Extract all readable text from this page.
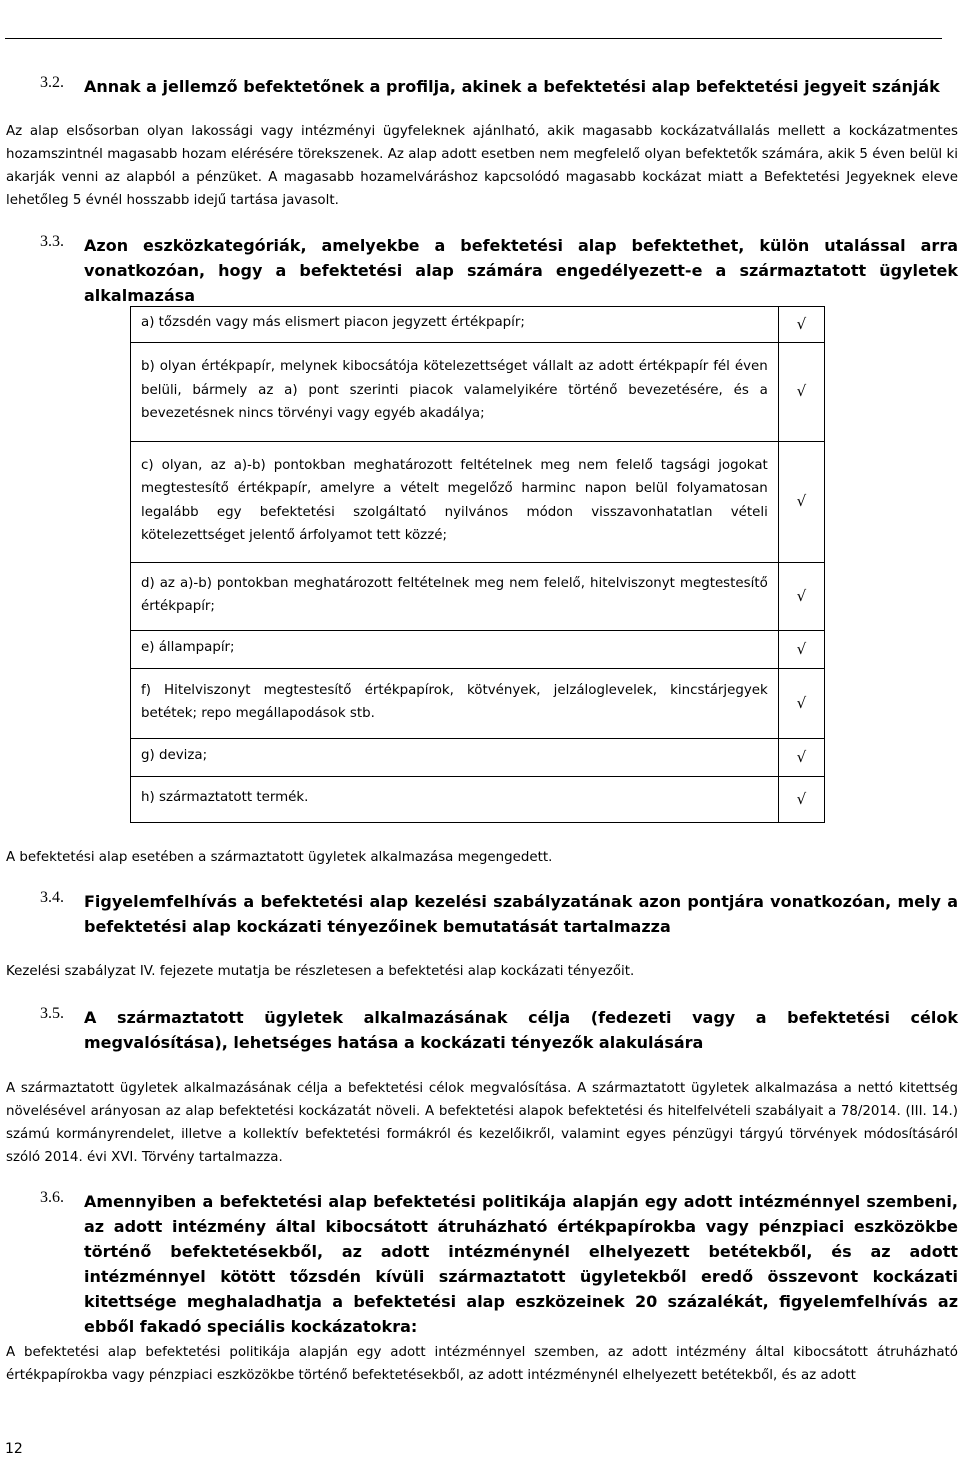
ACCESS BEFEKTETÉSI ALAPKEZELŐ Zrt.	iCash DYNAMIC FX Származtatott Nyíltvégű Befektetési Alap Tájékoztatója
3.2. Annak a jellemző befektetőnek a profilja, akinek a befektetési alap befektetési jegyeit szánják
Az alap elsősorban olyan lakossági vagy intézményi ügyfeleknek ajánlható, akik magasabb kockázatvállalás mellett a kockázatmentes hozamszintnél magasabb hozam elérésére törekszenek. Az alap adott esetben nem megfelelő olyan befektetők számára, akik 5 éven belül ki akarják venni az alapból a pénzüket. A magasabb hozamelváráshoz kapcsolódó magasabb kockázat miatt a Befektetési Jegyeknek eleve lehetőleg 5 évnél hosszabb idejű tartása javasolt.
3.3. Azon eszközkategóriák, amelyekbe a befektetési alap befektethet, külön utalással arra vonatkozóan, hogy a befektetési alap számára engedélyezett-e a származtatott ügyletek alkalmazása
a) tőzsdén vagy más elismert piacon jegyzett értékpapír;	√
b) olyan értékpapír, melynek kibocsátója kötelezettséget vállalt az adott értékpapír fél éven belüli, bármely az a) pont szerinti piacok valamelyikére történő bevezetésére, és a bevezetésnek nincs törvényi vagy egyéb akadálya;	√
c) olyan, az a)-b) pontokban meghatározott feltételnek meg nem felelő tagsági jogokat megtestesítő értékpapír, amelyre a vételt megelőző harminc napon belül folyamatosan legalább egy befektetési szolgáltató nyilvános módon visszavonhatatlan vételi kötelezettséget jelentő árfolyamot tett közzé;	√
d) az a)-b) pontokban meghatározott feltételnek meg nem felelő, hitelviszonyt megtestesítő értékpapír;	√
e) állampapír;	√
f) Hitelviszonyt megtestesítő értékpapírok, kötvények, jelzáloglevelek, kincstárjegyek betétek; repo megállapodások stb.	√
g) deviza;	√
h) származtatott termék.	√
A befektetési alap esetében a származtatott ügyletek alkalmazása megengedett.
3.4. Figyelemfelhívás a befektetési alap kezelési szabályzatának azon pontjára vonatkozóan, mely a befektetési alap kockázati tényezőinek bemutatását tartalmazza
Kezelési szabályzat IV. fejezete mutatja be részletesen a befektetési alap kockázati tényezőit.
3.5. A származtatott ügyletek alkalmazásának célja (fedezeti vagy a befektetési célok megvalósítása), lehetséges hatása a kockázati tényezők alakulására
A származtatott ügyletek alkalmazásának célja a befektetési célok megvalósítása. A származtatott ügyletek alkalmazása a nettó kitettség növelésével arányosan az alap befektetési kockázatát növeli. A befektetési alapok befektetési és hitelfelvételi szabályait a 78/2014. (III. 14.) számú kormányrendelet, illetve a kollektív befektetési formákról és kezelőikről, valamint egyes pénzügyi tárgyú törvények módosításáról szóló 2014. évi XVI. Törvény tartalmazza.
3.6. Amennyiben a befektetési alap befektetési politikája alapján egy adott intézménnyel szembeni, az adott intézmény által kibocsátott átruházható értékpapírokba vagy pénzpiaci eszközökbe történő befektetésekből, az adott intézménynél elhelyezett betétekből, és az adott intézménnyel kötött tőzsdén kívüli származtatott ügyletekből eredő összevont kockázati kitettsége meghaladhatja a befektetési alap eszközeinek 20 százalékát, figyelemfelhívás az ebből fakadó speciális kockázatokra:
A befektetési alap befektetési politikája alapján egy adott intézménnyel szemben, az adott intézmény által kibocsátott átruházható értékpapírokba vagy pénzpiaci eszközökbe történő befektetésekből, az adott intézménynél elhelyezett betétekből, és az adott
12
